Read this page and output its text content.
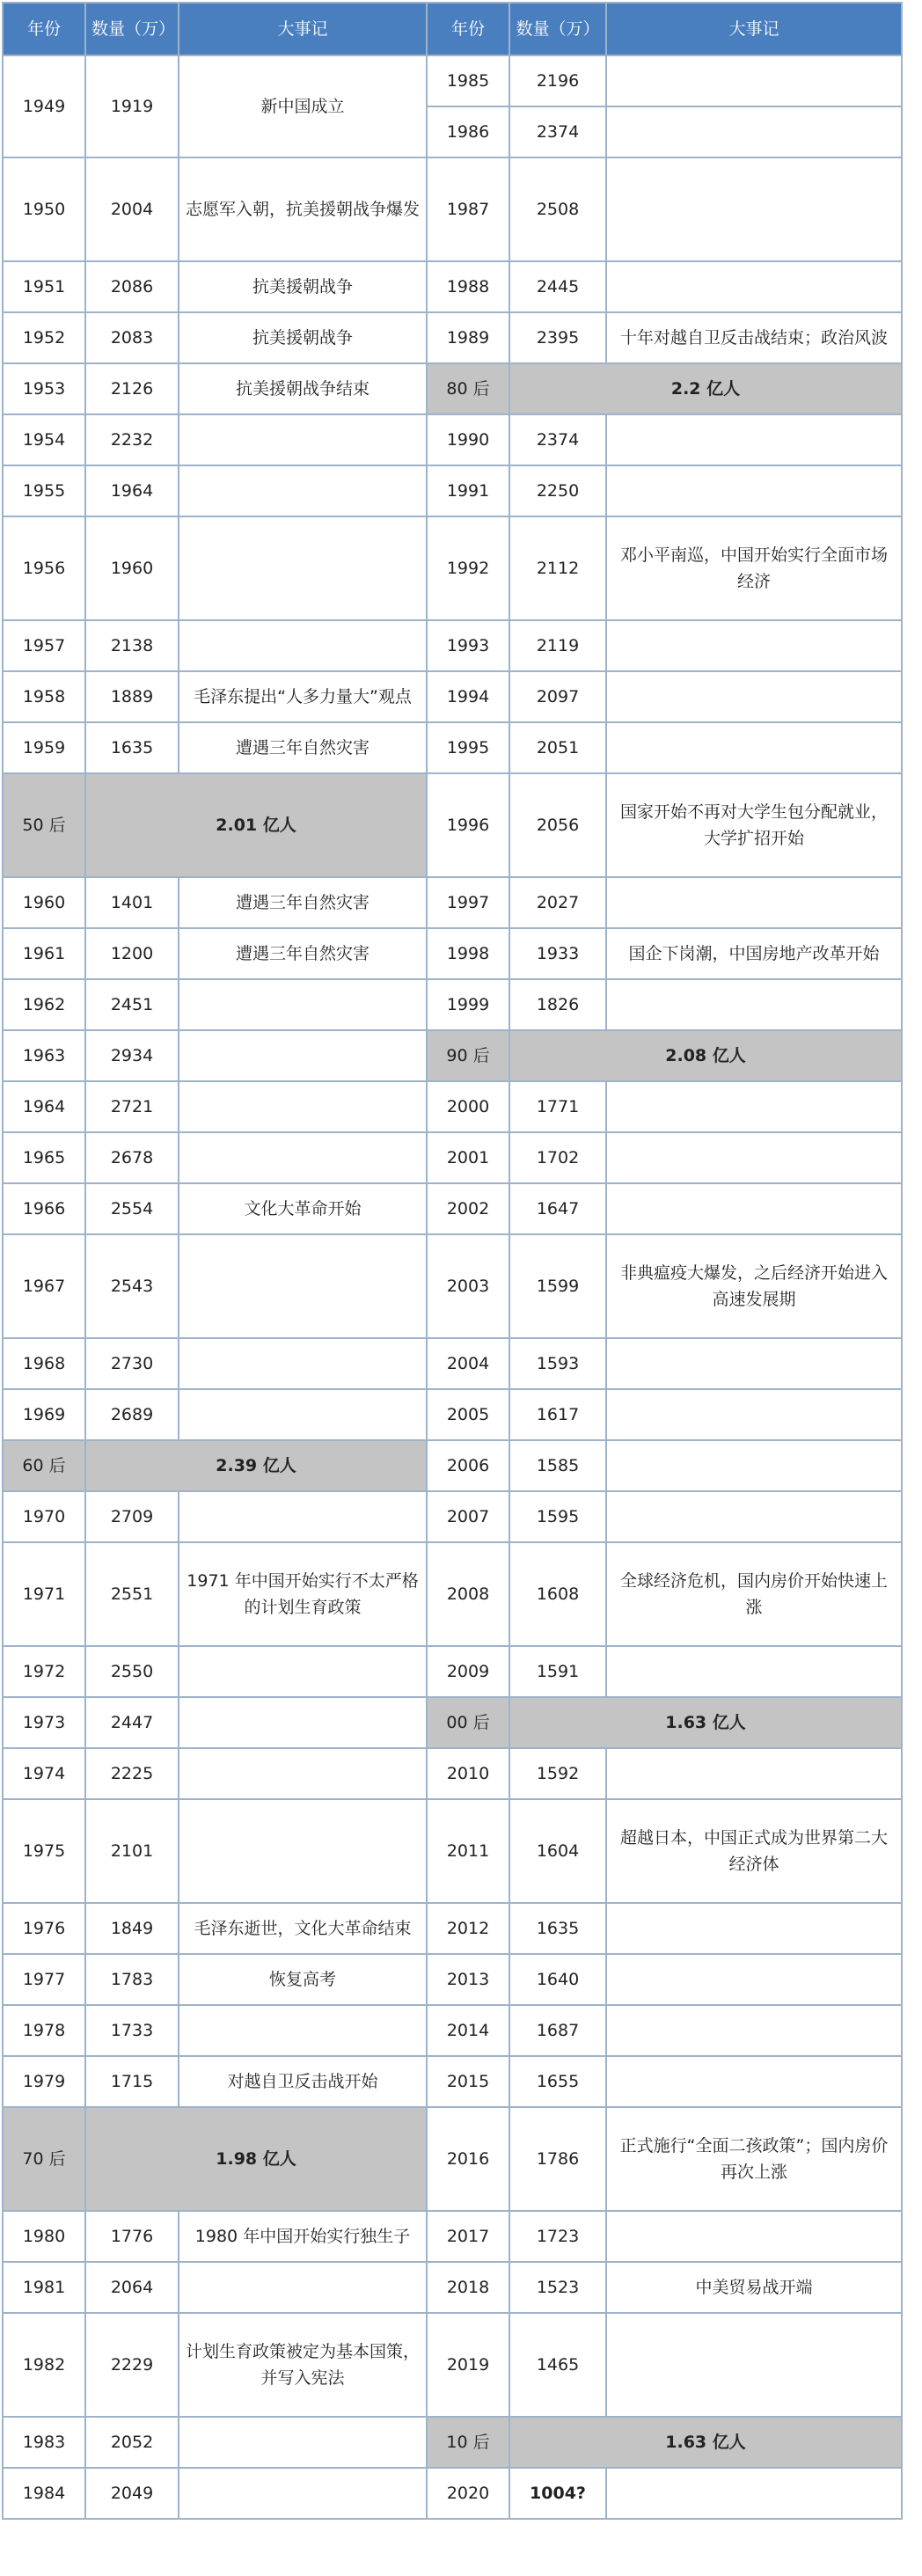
年份	数量（万）	大事记	年份	数量（万）	大事记
1949	1919	新中国成立	1985	2196	
			1986	2374	
1950	2004	志愿军入朝，抗美援朝战争爆发	1987	2508	
1951	2086	抗美援朝战争	1988	2445	
1952	2083	抗美援朝战争	1989	2395	十年对越自卫反击战结束；政治风波
1953	2126	抗美援朝战争结束	80 后	2.2 亿人	
1954	2232		1990	2374	
1955	1964		1991	2250	
1956	1960		1992	2112	邓小平南巡，中国开始实行全面市场经济
1957	2138		1993	2119	
1958	1889	毛泽东提出“人多力量大”观点	1994	2097	
1959	1635	遭遇三年自然灾害	1995	2051	
50 后	2.01 亿人		1996	2056	国家开始不再对大学生包分配就业，大学扩招开始
1960	1401	遭遇三年自然灾害	1997	2027	
1961	1200	遭遇三年自然灾害	1998	1933	国企下岗潮，中国房地产改革开始
1962	2451		1999	1826	
1963	2934		90 后	2.08 亿人	
1964	2721		2000	1771	
1965	2678		2001	1702	
1966	2554	文化大革命开始	2002	1647	
1967	2543		2003	1599	非典瘟疫大爆发，之后经济开始进入高速发展期
1968	2730		2004	1593	
1969	2689		2005	1617	
60 后	2.39 亿人		2006	1585	
1970	2709		2007	1595	
1971	2551	1971 年中国开始实行不太严格的计划生育政策	2008	1608	全球经济危机，国内房价开始快速上涨
1972	2550		2009	1591	
1973	2447		00 后	1.63 亿人	
1974	2225		2010	1592	
1975	2101		2011	1604	超越日本，中国正式成为世界第二大经济体
1976	1849	毛泽东逝世，文化大革命结束	2012	1635	
1977	1783	恢复高考	2013	1640	
1978	1733		2014	1687	
1979	1715	对越自卫反击战开始	2015	1655	
70 后	1.98 亿人		2016	1786	正式施行“全面二孩政策”；国内房价再次上涨
1980	1776	1980 年中国开始实行独生子	2017	1723	
1981	2064		2018	1523	中美贸易战开端
1982	2229	计划生育政策被定为基本国策，并写入宪法	2019	1465	
1983	2052		10 后	1.63 亿人	
1984	2049		2020	1004?	
